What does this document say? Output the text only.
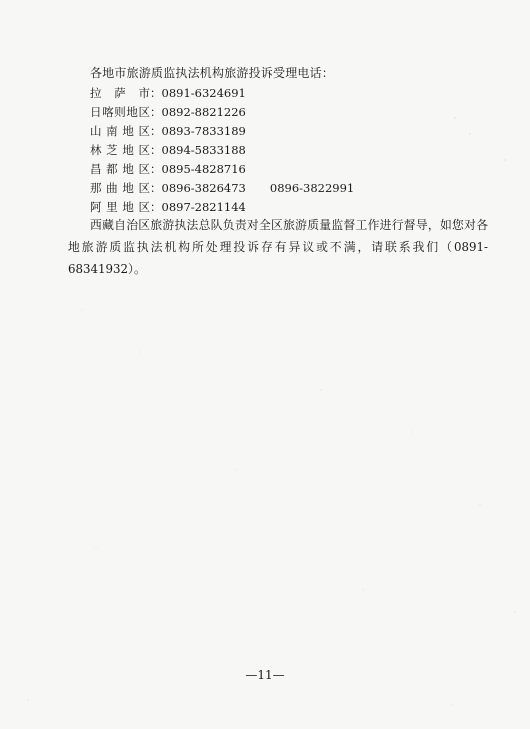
各地市旅游质监执法机构旅游投诉受理电话：
拉　萨　市 ： 0891-6324691
日喀则地区 ： 0892-8821226
山南地区 ： 0893-7833189
林芝地区 ： 0894-5833188
昌都地区 ： 0895-4828716
那曲地区 ： 0896-3826473 0896-3822991
阿里地区 ： 0897-2821144

西藏自治区旅游执法总队负责对全区旅游质量监督工作进行督导，如您对各地旅游质监执法机构所处理投诉存有异议或不满，请联系我们（0891-68341932）。

—11—
